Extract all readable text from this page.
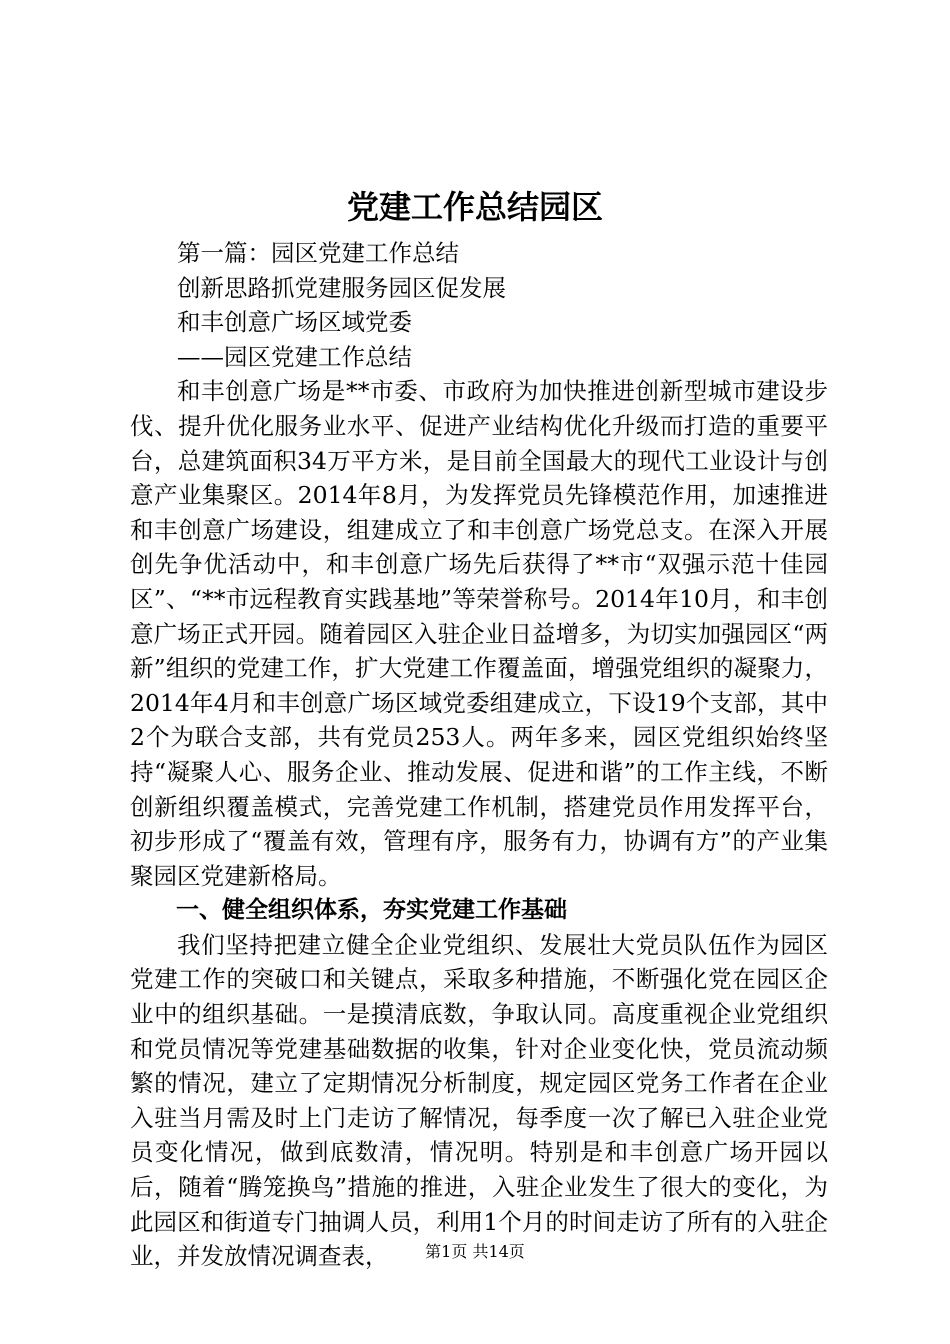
党建工作总结园区

第一篇：园区党建工作总结

创新思路抓党建服务园区促发展

和丰创意广场区域党委

——园区党建工作总结

和丰创意广场是**市委、市政府为加快推进创新型城市建设步伐、提升优化服务业水平、促进产业结构优化升级而打造的重要平台，总建筑面积34万平方米，是目前全国最大的现代工业设计与创意产业集聚区。2014年8月，为发挥党员先锋模范作用，加速推进和丰创意广场建设，组建成立了和丰创意广场党总支。在深入开展创先争优活动中，和丰创意广场先后获得了**市“双强示范十佳园区”、“**市远程教育实践基地”等荣誉称号。2014年10月，和丰创意广场正式开园。随着园区入驻企业日益增多，为切实加强园区“两新”组织的党建工作，扩大党建工作覆盖面，增强党组织的凝聚力，2014年4月和丰创意广场区域党委组建成立，下设19个支部，其中2个为联合支部，共有党员253人。两年多来，园区党组织始终坚持“凝聚人心、服务企业、推动发展、促进和谐”的工作主线，不断创新组织覆盖模式，完善党建工作机制，搭建党员作用发挥平台，初步形成了“覆盖有效，管理有序，服务有力，协调有方”的产业集聚园区党建新格局。

一、健全组织体系，夯实党建工作基础

我们坚持把建立健全企业党组织、发展壮大党员队伍作为园区党建工作的突破口和关键点，采取多种措施，不断强化党在园区企业中的组织基础。一是摸清底数，争取认同。高度重视企业党组织和党员情况等党建基础数据的收集，针对企业变化快，党员流动频繁的情况，建立了定期情况分析制度，规定园区党务工作者在企业入驻当月需及时上门走访了解情况，每季度一次了解已入驻企业党员变化情况，做到底数清，情况明。特别是和丰创意广场开园以后，随着“腾笼换鸟”措施的推进，入驻企业发生了很大的变化，为此园区和街道专门抽调人员，利用1个月的时间走访了所有的入驻企业，并发放情况调查表，	第1页 共14页
